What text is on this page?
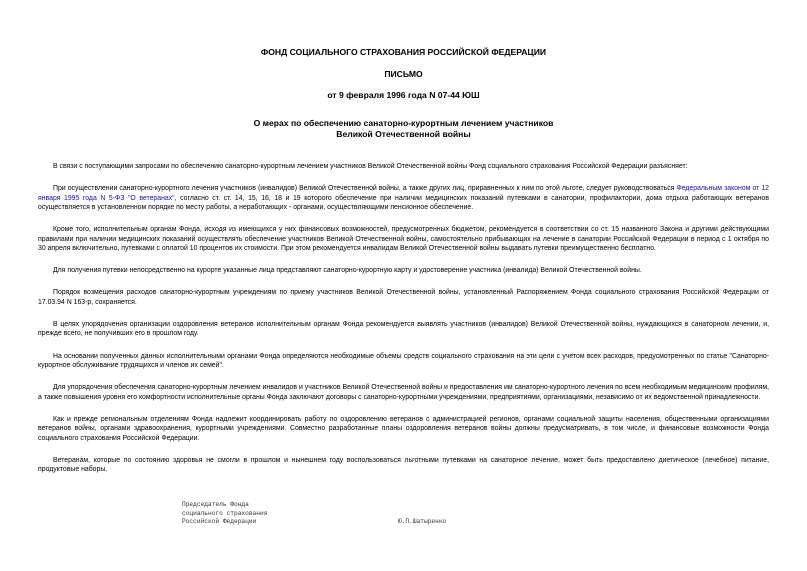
ФОНД СОЦИАЛЬНОГО СТРАХОВАНИЯ РОССИЙСКОЙ ФЕДЕРАЦИИ
ПИСЬМО
от 9 февраля 1996 года N 07-44 ЮШ
О мерах по обеспечению санаторно-курортным лечением участников Великой Отечественной войны

В связи с поступающими запросами по обеспечению санаторно-курортным лечением участников Великой Отечественной войны Фонд социального страхования Российской Федерации разъясняет:

При осуществлении санаторно-курортного лечения участников (инвалидов) Великой Отечественной войны, а также других лиц, приравненных к ним по этой льготе, следует руководствоваться Федеральным законом от 12 января 1995 года N 5-ФЗ "О ветеранах", согласно ст. ст. 14, 15, 16, 18 и 19 которого обеспечение при наличии медицинских показаний путевками в санатории, профилактории, дома отдыха работающих ветеранов осуществляется в установленном порядке по месту работы, а неработающих - органами, осуществляющими пенсионное обеспечение.

Кроме того, исполнительным органам Фонда, исходя из имеющихся у них финансовых возможностей, предусмотренных бюджетом, рекомендуется в соответствии со ст. 15 названного Закона и другими действующими правилами при наличии медицинских показаний осуществлять обеспечение участников Великой Отечественной войны, самостоятельно прибывающих на лечение в санатории Российской Федерации в период с 1 октября по 30 апреля включительно, путевками с оплатой 10 процентов их стоимости. При этом рекомендуется инвалидам Великой Отечественной войны выдавать путевки преимущественно бесплатно.

Для получения путевки непосредственно на курорте указанные лица представляют санаторно-курортную карту и удостоверение участника (инвалида) Великой Отечественной войны.

Порядок возмещения расходов санаторно-курортным учреждениям по приему участников Великой Отечественной войны, установленный Распоряжением Фонда социального страхования Российской Федерации от 17.03.94 N 163-р, сохраняется.

В целях упорядочения организации оздоровления ветеранов исполнительным органам Фонда рекомендуется выявлять участников (инвалидов) Великой Отечественной войны, нуждающихся в санаторном лечении, и, прежде всего, не получивших его в прошлом году.

На основании полученных данных исполнительными органами Фонда определяются необходимые объемы средств социального страхования на эти цели с учетом всех расходов, предусмотренных по статье "Санаторно-курортное обслуживание трудящихся и членов их семей".

Для упорядочения обеспечения санаторно-курортным лечением инвалидов и участников Великой Отечественной войны и предоставления им санаторно-курортного лечения по всем необходимым медицинским профилям, а также повышения уровня его комфортности исполнительные органы Фонда заключают договоры с санаторно-курортными учреждениями, предприятиями, организациями, независимо от их ведомственной принадлежности.

Как и прежде региональным отделениям Фонда надлежит координировать работу по оздоровлению ветеранов с администрацией регионов, органами социальной защиты населения, общественными организациями ветеранов войны, органами здравоохранения, курортными учреждениями. Совместно разработанные планы оздоровления ветеранов войны должны предусматривать, в том числе, и финансовые возможности Фонда социального страхования Российской Федерации.

Ветеранам, которые по состоянию здоровья не смогли в прошлом и нынешнем году воспользоваться льготными путевками на санаторное лечение, может быть предоставлено диетическое (лечебное) питание, продуктовые наборы.

Председатель Фонда
социального страхования
Российской Федерации	Ю.П.Шатыренко
